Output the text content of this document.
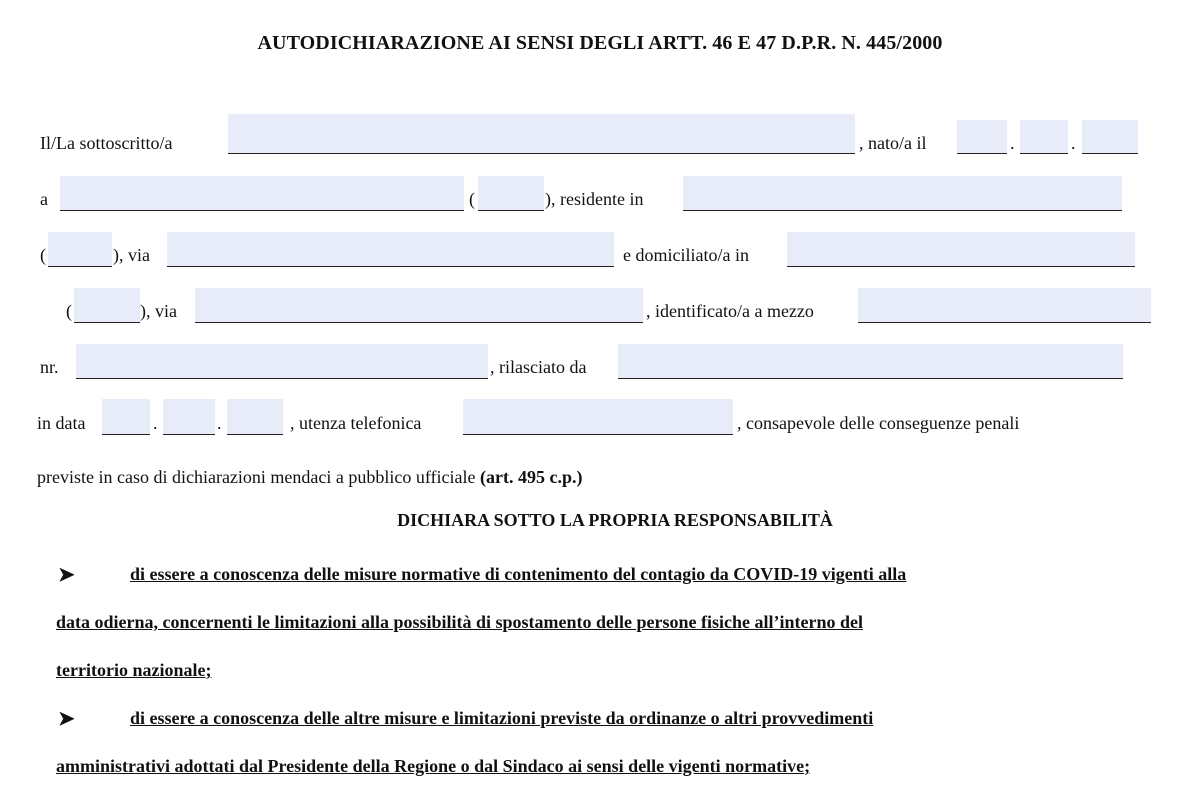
AUTODICHIARAZIONE AI SENSI DEGLI ARTT. 46 E 47 D.P.R. N. 445/2000
Il/La sottoscritto/a	, nato/a il	.	.
a	(	), residente in
(	), via	e domiciliato/a in
(	), via	, identificato/a a mezzo
nr.	, rilasciato da
in data	.	.	, utenza telefonica	, consapevole delle conseguenze penali
previste in caso di dichiarazioni mendaci a pubblico ufficiale (art. 495 c.p.)
DICHIARA SOTTO LA PROPRIA RESPONSABILITÀ
➤	di essere a conoscenza delle misure normative di contenimento del contagio da COVID-19 vigenti alla
data odierna, concernenti le limitazioni alla possibilità di spostamento delle persone fisiche all’interno del
territorio nazionale;
➤	di essere a conoscenza delle altre misure e limitazioni previste da ordinanze o altri provvedimenti
amministrativi adottati dal Presidente della Regione o dal Sindaco ai sensi delle vigenti normative;
